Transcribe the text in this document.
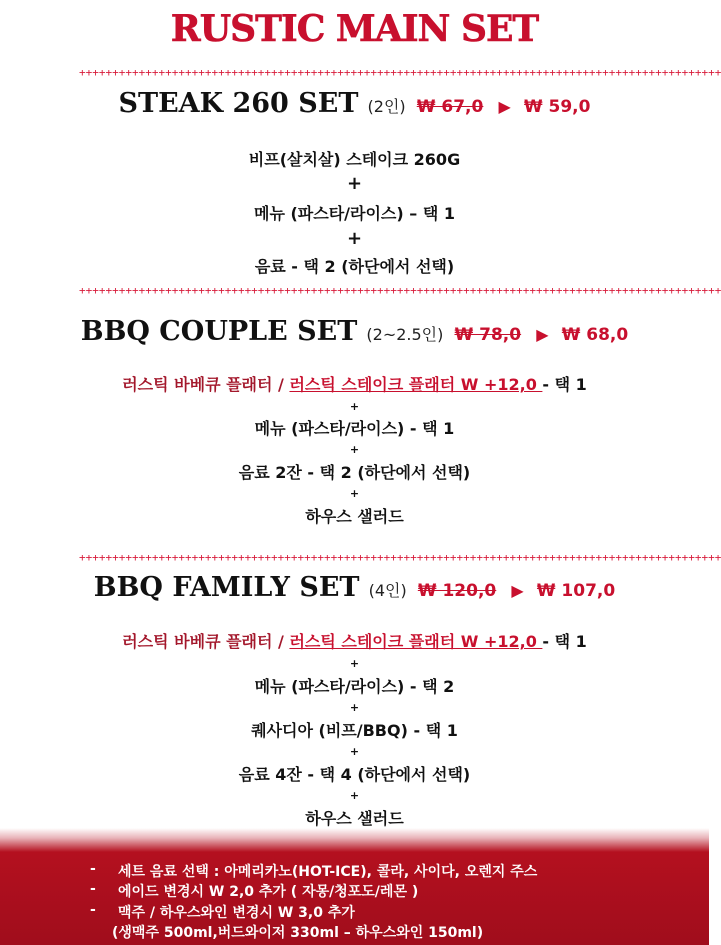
RUSTIC MAIN SET
+++++++++++++++++++++++++++++++++++++++++++++++++++++++++++++++++++++++++++++++++++++++++++++++++
STEAK 260 SET (2인) ₩ 67,0 ▶ ₩ 59,0
비프(살치살) 스테이크 260G
+
메뉴 (파스타/라이스) – 택 1
+
음료 - 택 2 (하단에서 선택)
+++++++++++++++++++++++++++++++++++++++++++++++++++++++++++++++++++++++++++++++++++++++++++++++++
BBQ COUPLE SET (2~2.5인) ₩ 78,0 ▶ ₩ 68,0
러스틱 바베큐 플래터 / 러스틱 스테이크 플래터 W +12,0 - 택 1
+
메뉴 (파스타/라이스) - 택 1
+
음료 2잔 - 택 2 (하단에서 선택)
+
하우스 샐러드
+++++++++++++++++++++++++++++++++++++++++++++++++++++++++++++++++++++++++++++++++++++++++++++++++
BBQ FAMILY SET (4인) ₩ 120,0 ▶ ₩ 107,0
러스틱 바베큐 플래터 / 러스틱 스테이크 플래터 W +12,0 - 택 1
+
메뉴 (파스타/라이스) - 택 2
+
퀘사디아 (비프/BBQ) - 택 1
+
음료 4잔 - 택 4 (하단에서 선택)
+
하우스 샐러드
- 세트 음료 선택 : 아메리카노(HOT-ICE), 콜라, 사이다, 오렌지 주스
- 에이드 변경시 W 2,0 추가 ( 자몽/청포도/레몬 )
- 맥주 / 하우스와인 변경시 W 3,0 추가
(생맥주 500ml,버드와이저 330ml – 하우스와인 150ml)
